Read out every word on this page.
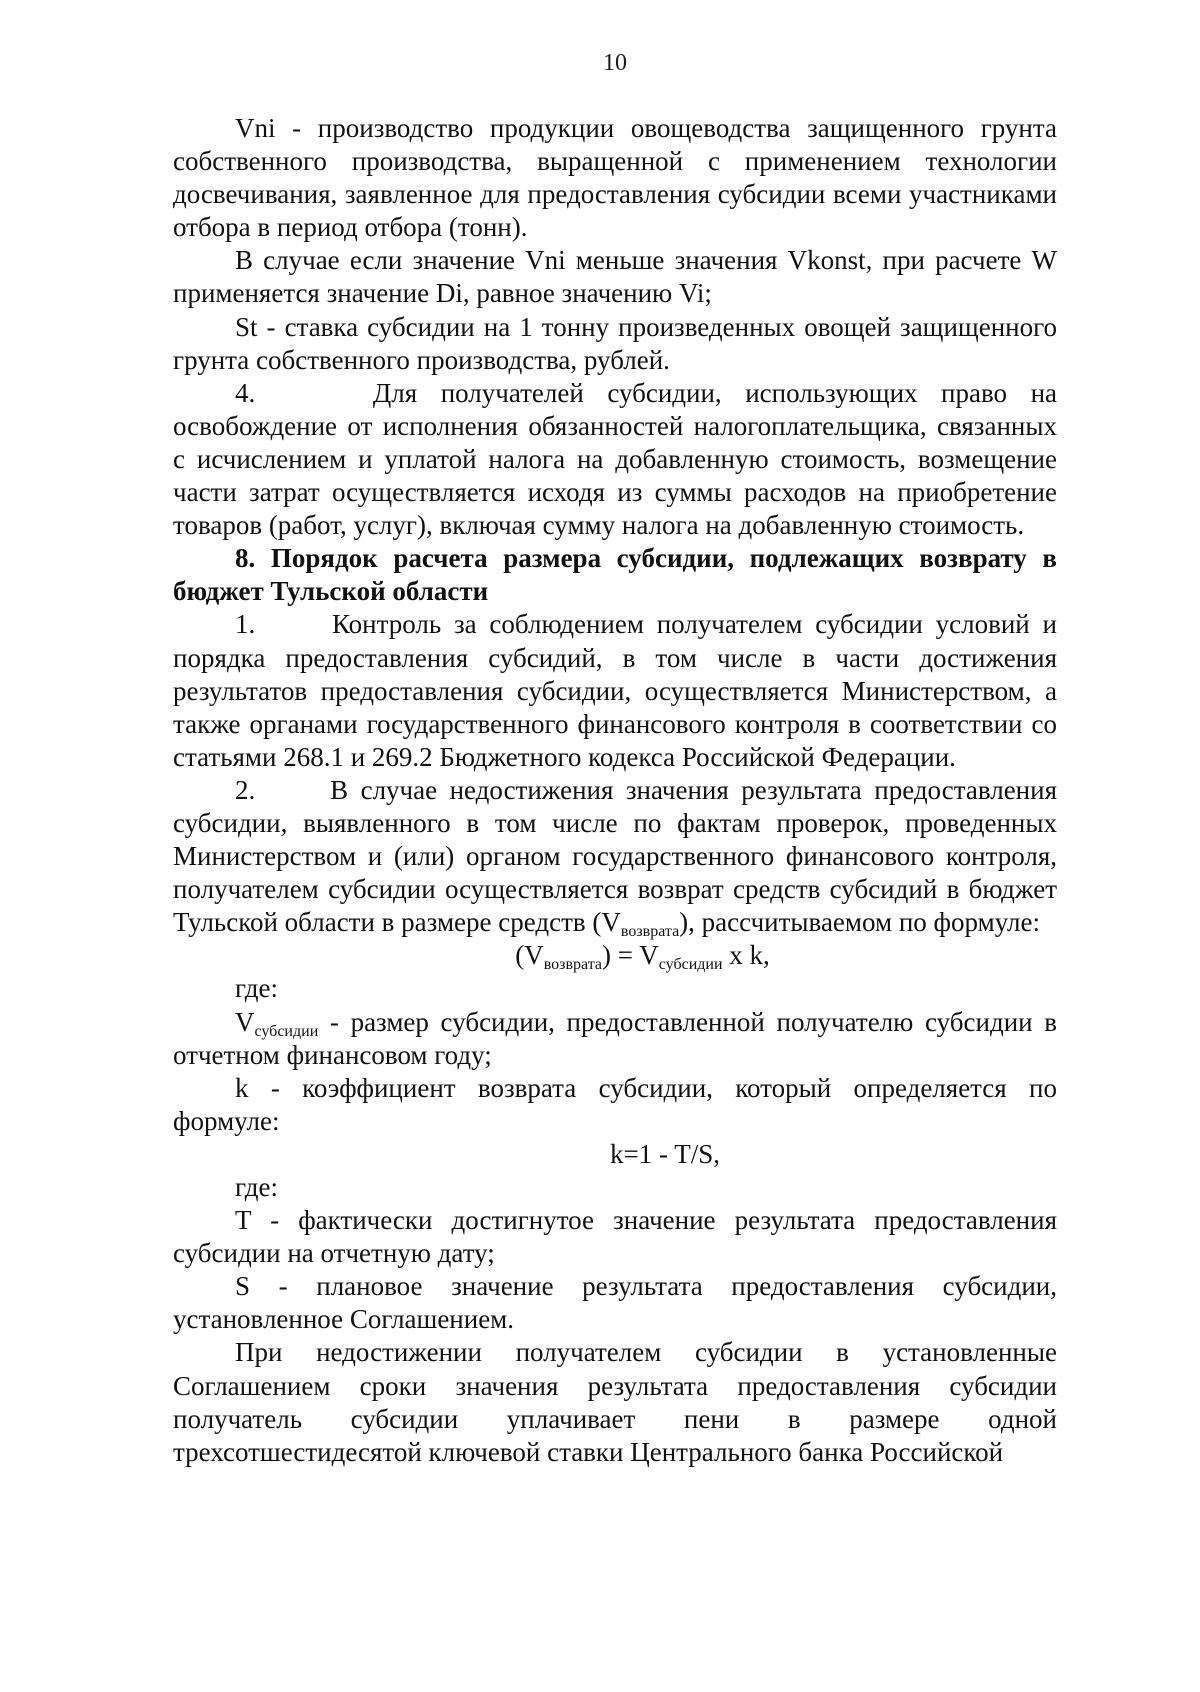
10

Vni - производство продукции овощеводства защищенного грунта собственного производства, выращенной с применением технологии досвечивания, заявленное для предоставления субсидии всеми участниками отбора в период отбора (тонн).

В случае если значение Vni меньше значения Vkonst, при расчете W применяется значение Di, равное значению Vi;

St - ставка субсидии на 1 тонну произведенных овощей защищенного грунта собственного производства, рублей.

4.     Для получателей субсидии, использующих право на освобождение от исполнения обязанностей налогоплательщика, связанных с исчислением и уплатой налога на добавленную стоимость, возмещение части затрат осуществляется исходя из суммы расходов на приобретение товаров (работ, услуг), включая сумму налога на добавленную стоимость.

8. Порядок расчета размера субсидии, подлежащих возврату в бюджет Тульской области

1.      Контроль за соблюдением получателем субсидии условий и порядка предоставления субсидий, в том числе в части достижения результатов предоставления субсидии, осуществляется Министерством, а также органами государственного финансового контроля в соответствии со статьями 268.1 и 269.2 Бюджетного кодекса Российской Федерации.

2.      В случае недостижения значения результата предоставления субсидии, выявленного в том числе по фактам проверок, проведенных Министерством и (или) органом государственного финансового контроля, получателем субсидии осуществляется возврат средств субсидий в бюджет Тульской области в размере средств $(V_{возврата})$, рассчитываемом по формуле:

$(V_{возврата}) = V_{субсидии}$ x k,

где:

$V_{субсидии}$ - размер субсидии, предоставленной получателю субсидии в отчетном финансовом году;

k - коэффициент возврата субсидии, который определяется по формуле:

k=1 - T/S,

где:

T - фактически достигнутое значение результата предоставления субсидии на отчетную дату;

S - плановое значение результата предоставления субсидии, установленное Соглашением.

При недостижении получателем субсидии в установленные Соглашением сроки значения результата предоставления субсидии получатель субсидии уплачивает пени в размере одной трехсотшестидесятой ключевой ставки Центрального банка Российской
